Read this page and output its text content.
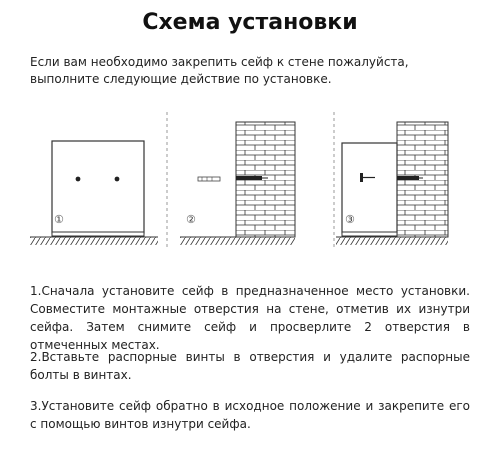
Схема установки
Если вам необходимо закрепить сейф к стене пожалуйста, выполните следующие действие по установке.
①	②	③
1.Сначала установите сейф в предназначенное место установки. Совместите монтажные отверстия на стене, отметив их изнутри сейфа. Затем снимите сейф и просверлите 2 отверстия в отмеченных местах.
2.Вставьте распорные винты в отверстия и удалите распорные болты в винтах.
3.Установите сейф обратно в исходное положение и закрепите его с помощью винтов изнутри сейфа.
